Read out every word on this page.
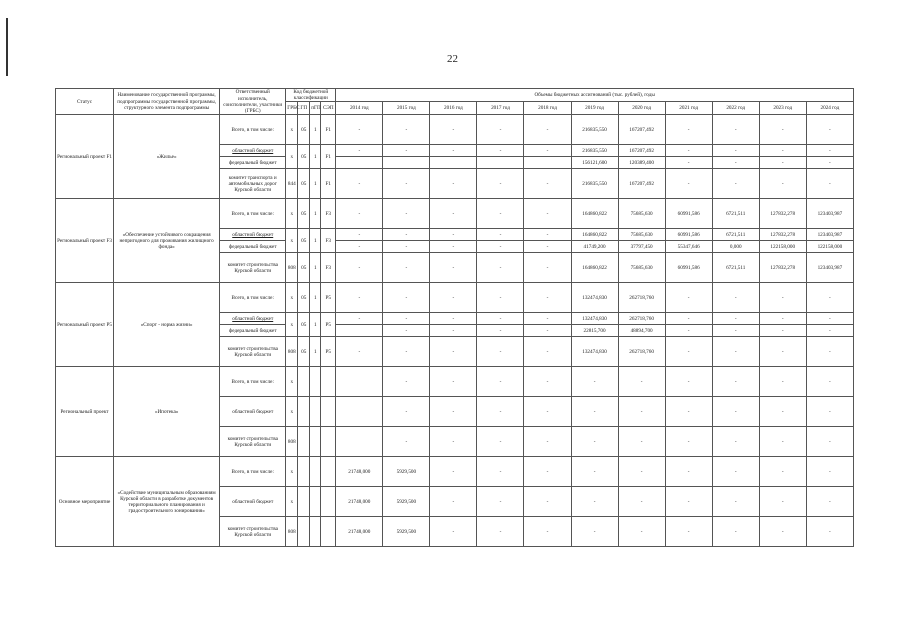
22
Статус	Наименование государственной программы, подпрограммы государственной программы, структурного элемента подпрограммы	Ответственный исполнитель, соисполнители, участники (ГРБС)	Код бюджетной классификации				Объемы бюджетных ассигнований (тыс. рублей), годы										
			ГРБС	ГП	пГП	СЭП	2014 год	2015 год	2016 год	2017 год	2018 год	2019 год	2020 год	2021 год	2022 год	2023 год	2024 год
Региональный проект F1	«Жилье»	Всего, в том числе:	x	05	1	F1	-	-	-	-	-	216835,550	167207,492	-	-	-	-
		областной бюджет	x	05	1	F1	-	-	-	-	-	216835,550	167207,492	-	-	-	-
		федеральный бюджет										156121,600	120389,400	-	-	-	-
		комитет транспорта и автомобильных дорог Курской области	844	05	1	F1	-	-	-	-	-	216835,550	167207,492	-	-	-	-
Региональный проект F3	«Обеспечение устойчивого сокращения непригодного для проживания жилищного фонда»	Всего, в том числе:	x	05	1	F3	-	-	-	-	-	164860,822	75685,630	60991,586	6721,511	127832,278	123403,987
		областной бюджет	x	05	1	F3	-	-	-	-	-	164860,822	75685,630	60991,586	6721,511	127832,278	123403,987
		федеральный бюджет					-	-	-	-	-	41749,200	37797,450	55347,646	0,000	122158,000	122158,000
		комитет строительства Курской области	808	05	1	F3	-	-	-	-	-	164860,822	75685,630	60991,586	6721,511	127832,278	123403,987
Региональный проект P5	«Спорт - норма жизни»	Всего, в том числе:	x	05	1	P5	-	-	-	-	-	132474,830	262718,760	-	-	-	-
		областной бюджет	x	05	1	P5	-	-	-	-	-	132474,830	262718,760	-	-	-	-
		федеральный бюджет						-	-	-	-	22815,700	48894,700	-	-	-	-
		комитет строительства Курской области	808	05	1	P5	-	-	-	-	-	132474,830	262718,760	-	-	-	-
Региональный проект	«Ипотека»	Всего, в том числе:	x					-	-	-	-	-	-	-	-	-	-
		областной бюджет	x					-	-	-	-	-	-	-	-	-	-
		комитет строительства Курской области	808					-	-	-	-	-	-	-	-	-	-
Основное мероприятие	«Содействие муниципальным образованиям Курской области в разработке документов территориального планирования и градостроительного зонирования»	Всего, в том числе:	x				21748,000	5929,500	-	-	-	-	-	-	-	-	-
		областной бюджет	x				21748,000	5929,500	-	-	-	-	-	-	-	-	-
		комитет строительства Курской области	808				21748,000	5929,500	-	-	-	-	-	-	-	-	-
